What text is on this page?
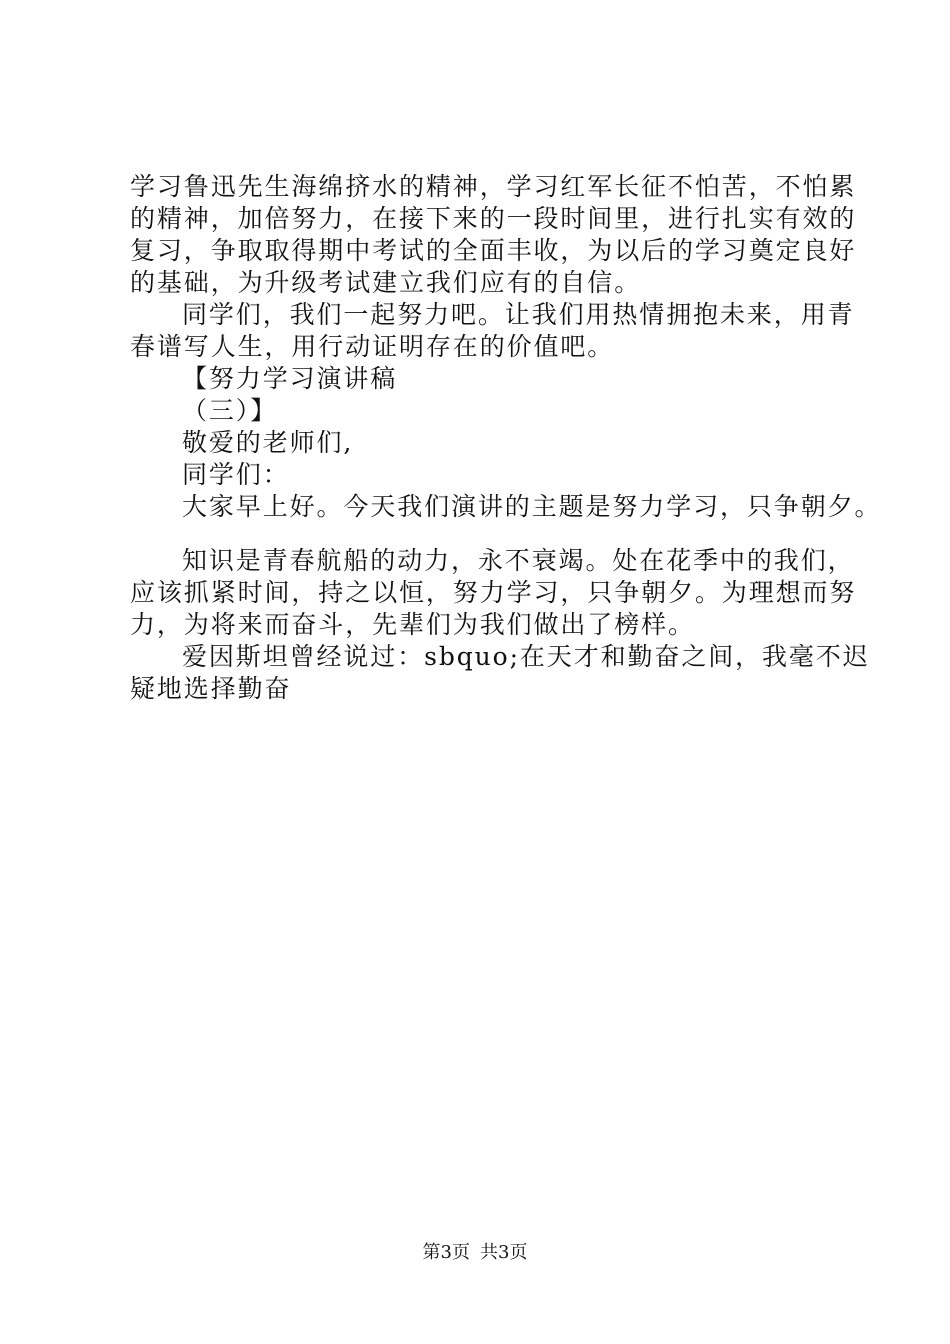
学习鲁迅先生海绵挤水的精神，学习红军长征不怕苦，不怕累
的精神，加倍努力，在接下来的一段时间里，进行扎实有效的
复习，争取取得期中考试的全面丰收，为以后的学习奠定良好
的基础，为升级考试建立我们应有的自信。
同学们，我们一起努力吧。让我们用热情拥抱未来，用青
春谱写人生，用行动证明存在的价值吧。
【努力学习演讲稿
（三）】
敬爱的老师们,
同学们：
大家早上好。今天我们演讲的主题是努力学习，只争朝夕。
知识是青春航船的动力，永不衰竭。处在花季中的我们，
应该抓紧时间，持之以恒，努力学习，只争朝夕。为理想而努
力，为将来而奋斗，先辈们为我们做出了榜样。
爱因斯坦曾经说过：sbquo;在天才和勤奋之间，我毫不迟
疑地选择勤奋
第3页 共3页
